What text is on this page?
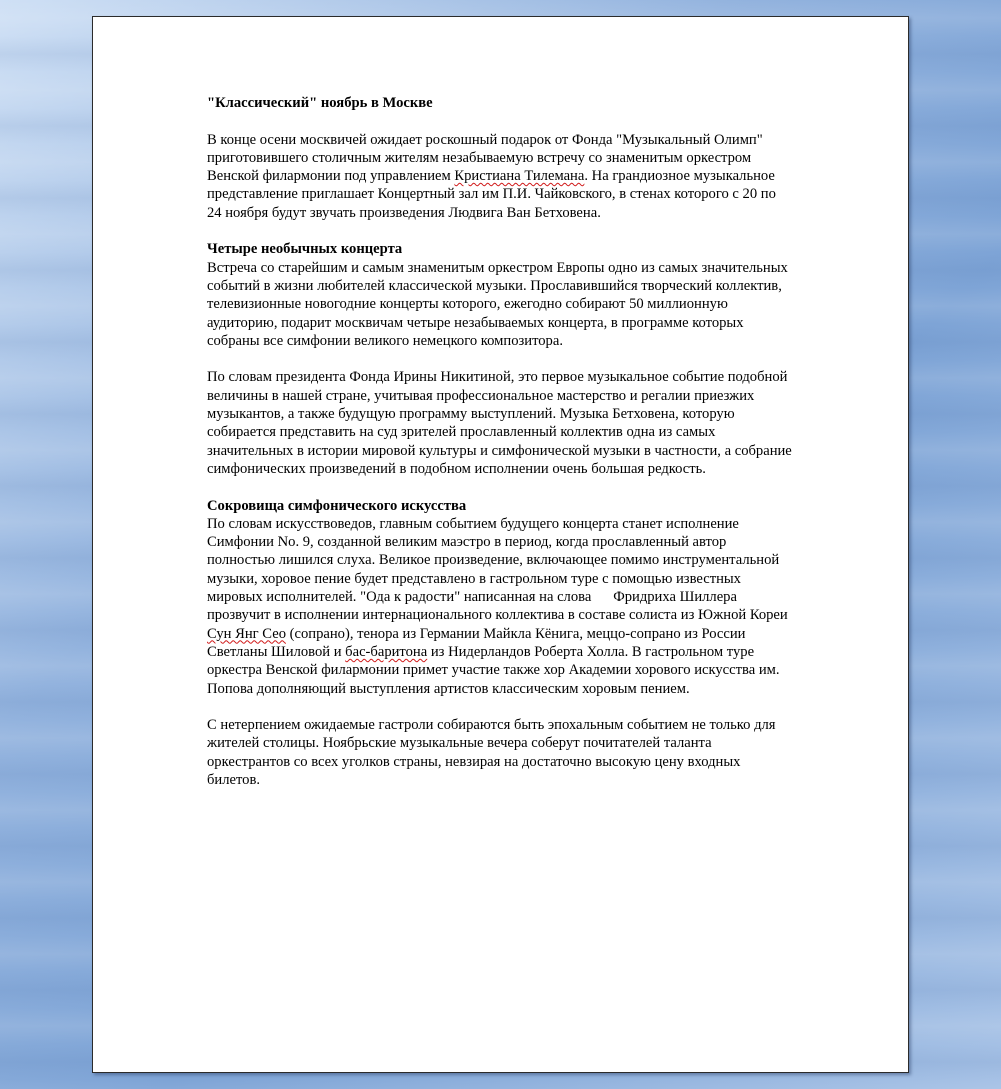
"Классический" ноябрь в Москве
В конце осени москвичей ожидает роскошный подарок от Фонда "Музыкальный Олимп"
приготовившего столичным жителям незабываемую встречу со знаменитым оркестром
Венской филармонии под управлением Кристиана Тилемана. На грандиозное музыкальное
представление приглашает Концертный зал им П.И. Чайковского, в стенах которого с 20 по
24 ноября будут звучать произведения Людвига Ван Бетховена.
Четыре необычных концерта
Встреча со старейшим и самым знаменитым оркестром Европы одно из самых значительных
событий в жизни любителей классической музыки. Прославившийся творческий коллектив,
телевизионные новогодние концерты которого, ежегодно собирают 50 миллионную
аудиторию, подарит москвичам четыре незабываемых концерта, в программе которых
собраны все симфонии великого немецкого композитора.
По словам президента Фонда Ирины Никитиной, это первое музыкальное событие подобной
величины в нашей стране, учитывая профессиональное мастерство и регалии приезжих
музыкантов, а также будущую программу выступлений. Музыка Бетховена, которую
собирается представить на суд зрителей прославленный коллектив одна из самых
значительных в истории мировой культуры и симфонической музыки в частности, а собрание
симфонических произведений в подобном исполнении очень большая редкость.
Сокровища симфонического искусства
По словам искусствоведов, главным событием будущего концерта станет исполнение
Симфонии No. 9, созданной великим маэстро в период, когда прославленный автор
полностью лишился слуха. Великое произведение, включающее помимо инструментальной
музыки, хоровое пение будет представлено в гастрольном туре с помощью известных
мировых исполнителей. "Ода к радости" написанная на слова      Фридриха Шиллера
прозвучит в исполнении интернационального коллектива в составе солиста из Южной Кореи
Сун Янг Сео (сопрано), тенора из Германии Майкла Кёнига, меццо-сопрано из России
Светланы Шиловой и бас-баритона из Нидерландов Роберта Холла. В гастрольном туре
оркестра Венской филармонии примет участие также хор Академии хорового искусства им.
Попова дополняющий выступления артистов классическим хоровым пением.
С нетерпением ожидаемые гастроли собираются быть эпохальным событием не только для
жителей столицы. Ноябрьские музыкальные вечера соберут почитателей таланта
оркестрантов со всех уголков страны, невзирая на достаточно высокую цену входных
билетов.
